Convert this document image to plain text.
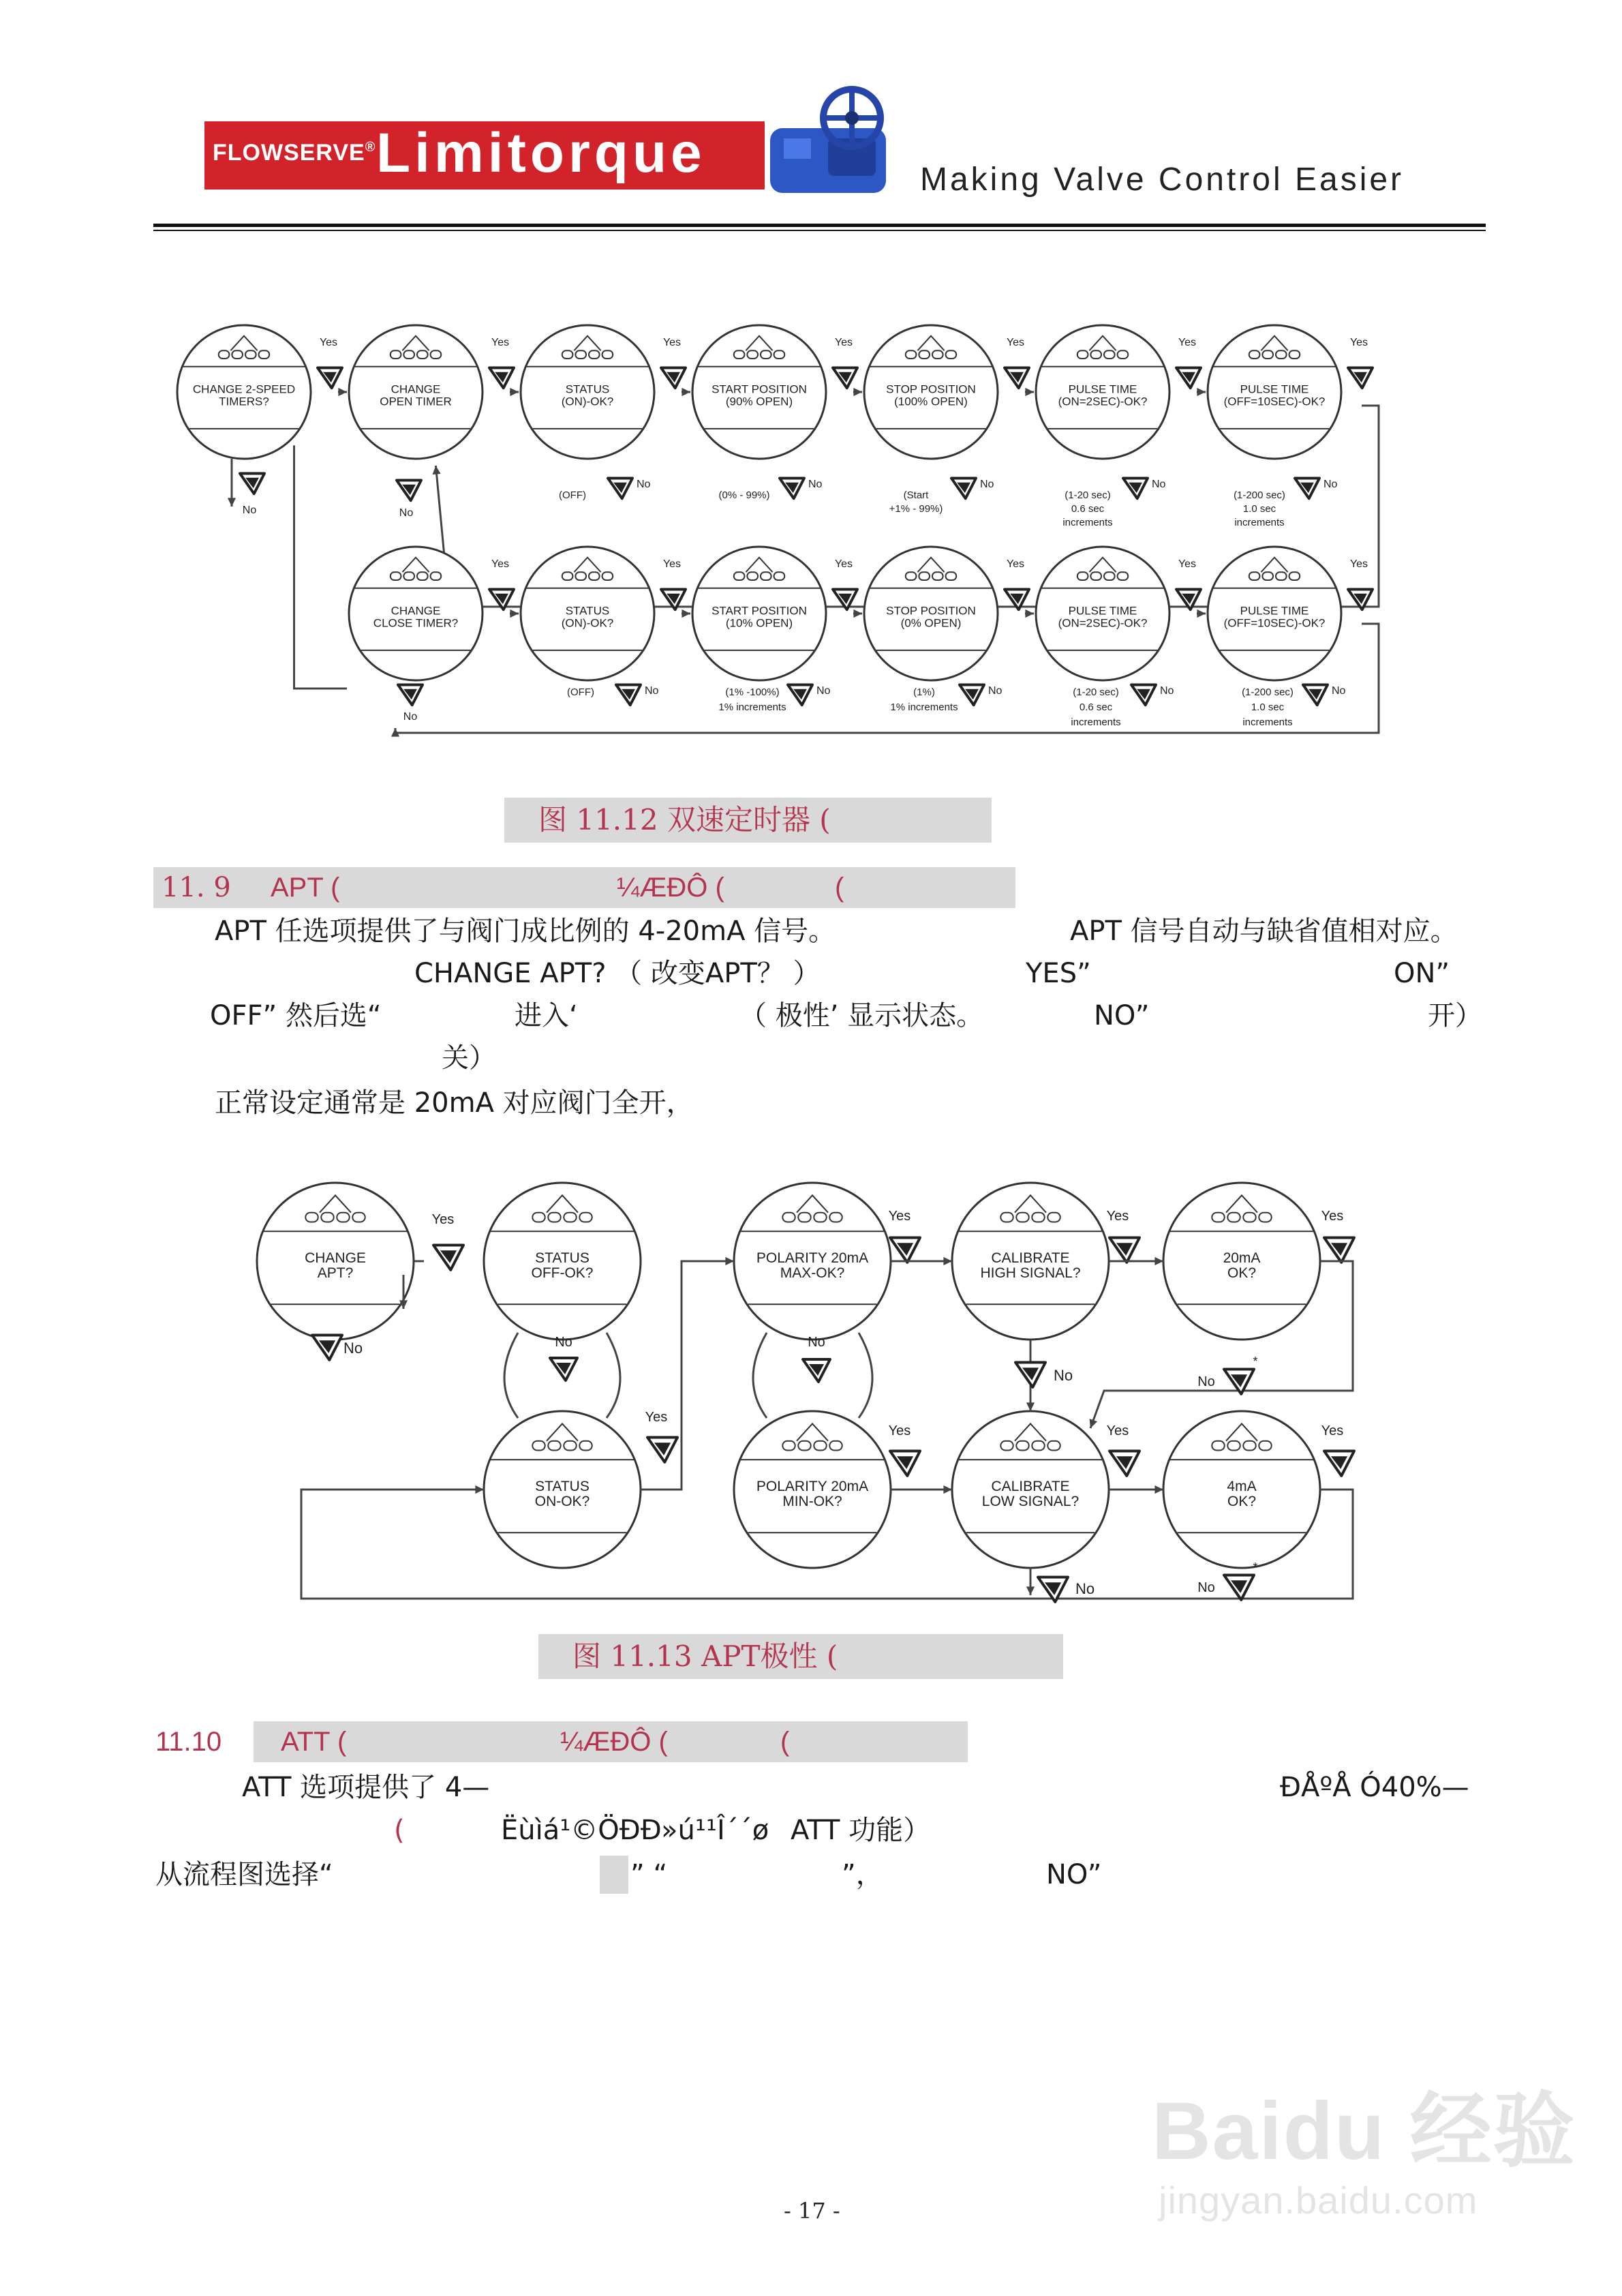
FLOWSERVE® Limitorque	Making Valve Control Easier
CHANGE 2-SPEED
TIMERS?
Yes
No
CHANGE
OPEN TIMER
Yes
No
STATUS
(ON)-OK?
Yes
No
(OFF)
START POSITION
(90% OPEN)
Yes
No
(0% - 99%)
STOP POSITION
(100% OPEN)
Yes
No
(Start
+1% - 99%)
PULSE TIME
(ON=2SEC)-OK?
Yes
No
(1-20 sec)
0.6 sec
increments
PULSE TIME
(OFF=10SEC)-OK?
Yes
No
(1-200 sec)
1.0 sec
increments
CHANGE
CLOSE TIMER?
Yes
No
STATUS
(ON)-OK?
Yes
No
(OFF)
START POSITION
(10% OPEN)
Yes
No
(1% -100%)
1% increments
STOP POSITION
(0% OPEN)
Yes
No
(1%)
1% increments
PULSE TIME
(ON=2SEC)-OK?
Yes
No
(1-20 sec)
0.6 sec
increments
PULSE TIME
(OFF=10SEC)-OK?
Yes
No
(1-200 sec)
1.0 sec
increments
图 11.12 双速定时器 (
11. 9 APT (	¼ÆÐÔ (	(
APT 任选项提供了与阀门成比例的 4-20mA 信号。	APT 信号自动与缺省值相对应。
CHANGE APT? （ 改变APT？ ）	YES”	ON”
OFF” 然后选“	进入‘	（ 极性’ 显示状态。	NO”	开）
关）
正常设定通常是 20mA 对应阀门全开，
CHANGE
APT?
STATUS
OFF-OK?
STATUS
ON-OK?
POLARITY 20mA
MAX-OK?
POLARITY 20mA
MIN-OK?
CALIBRATE
HIGH SIGNAL?
CALIBRATE
LOW SIGNAL?
20mA
OK?
4mA
OK?
Yes
No	No
Yes
No
Yes
Yes
Yes
No
Yes
No
*
Yes	Yes
No	No
*
图 11.13 APT极性 (
ATT (	¼ÆÐÔ (	(
11.10
ATT 选项提供了 4—	ÐÅºÅ Ó40%—
(	Ëùìá¹©ÖÐÐ»ú¹¹Î´´ø ATT 功能）
从流程图选择“	” “	”，	NO”
- 17 -
Baidu 经验
jingyan.baidu.com
